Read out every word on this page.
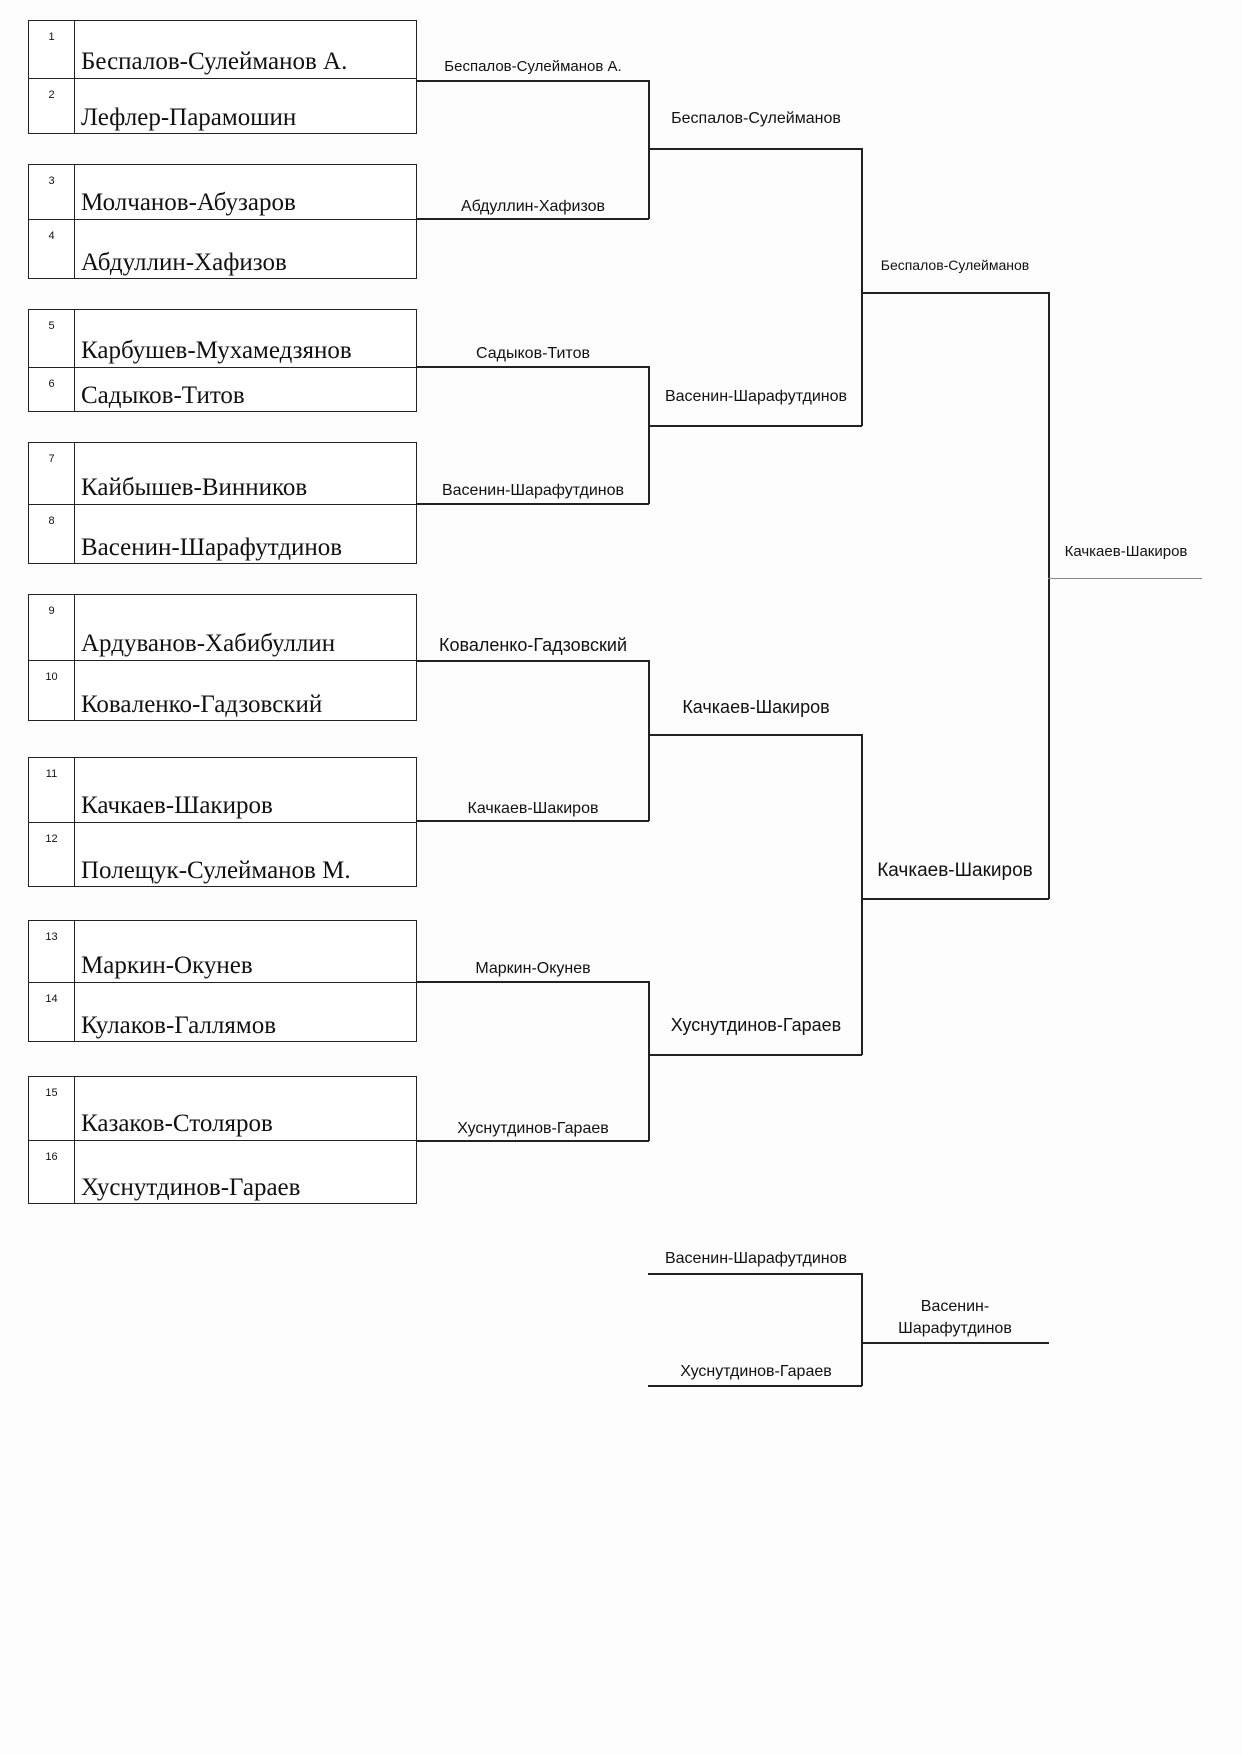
1
Беспалов-Сулейманов А.
2
Лефлер-Парамошин
3
Молчанов-Абузаров
4
Абдуллин-Хафизов
5
Карбушев-Мухамедзянов
6	Садыков-Титов
7
Кайбышев-Винников
8
Васенин-Шарафутдинов
9
Ардуванов-Хабибуллин
10
Коваленко-Гадзовский
11
Качкаев-Шакиров
12
Полещук-Сулейманов М.
13
Маркин-Окунев
14
Кулаков-Галлямов
15
Казаков-Столяров
16
Хуснутдинов-Гараев
Беспалов-Сулейманов А.
Абдуллин-Хафизов
Садыков-Титов
Васенин-Шарафутдинов
Коваленко-Гадзовский
Качкаев-Шакиров
Маркин-Окунев
Хуснутдинов-Гараев
Беспалов-Сулейманов
Васенин-Шарафутдинов
Качкаев-Шакиров
Хуснутдинов-Гараев
Беспалов-Сулейманов
Качкаев-Шакиров
Качкаев-Шакиров
Васенин-Шарафутдинов
Хуснутдинов-Гараев
Васенин-
Шарафутдинов
